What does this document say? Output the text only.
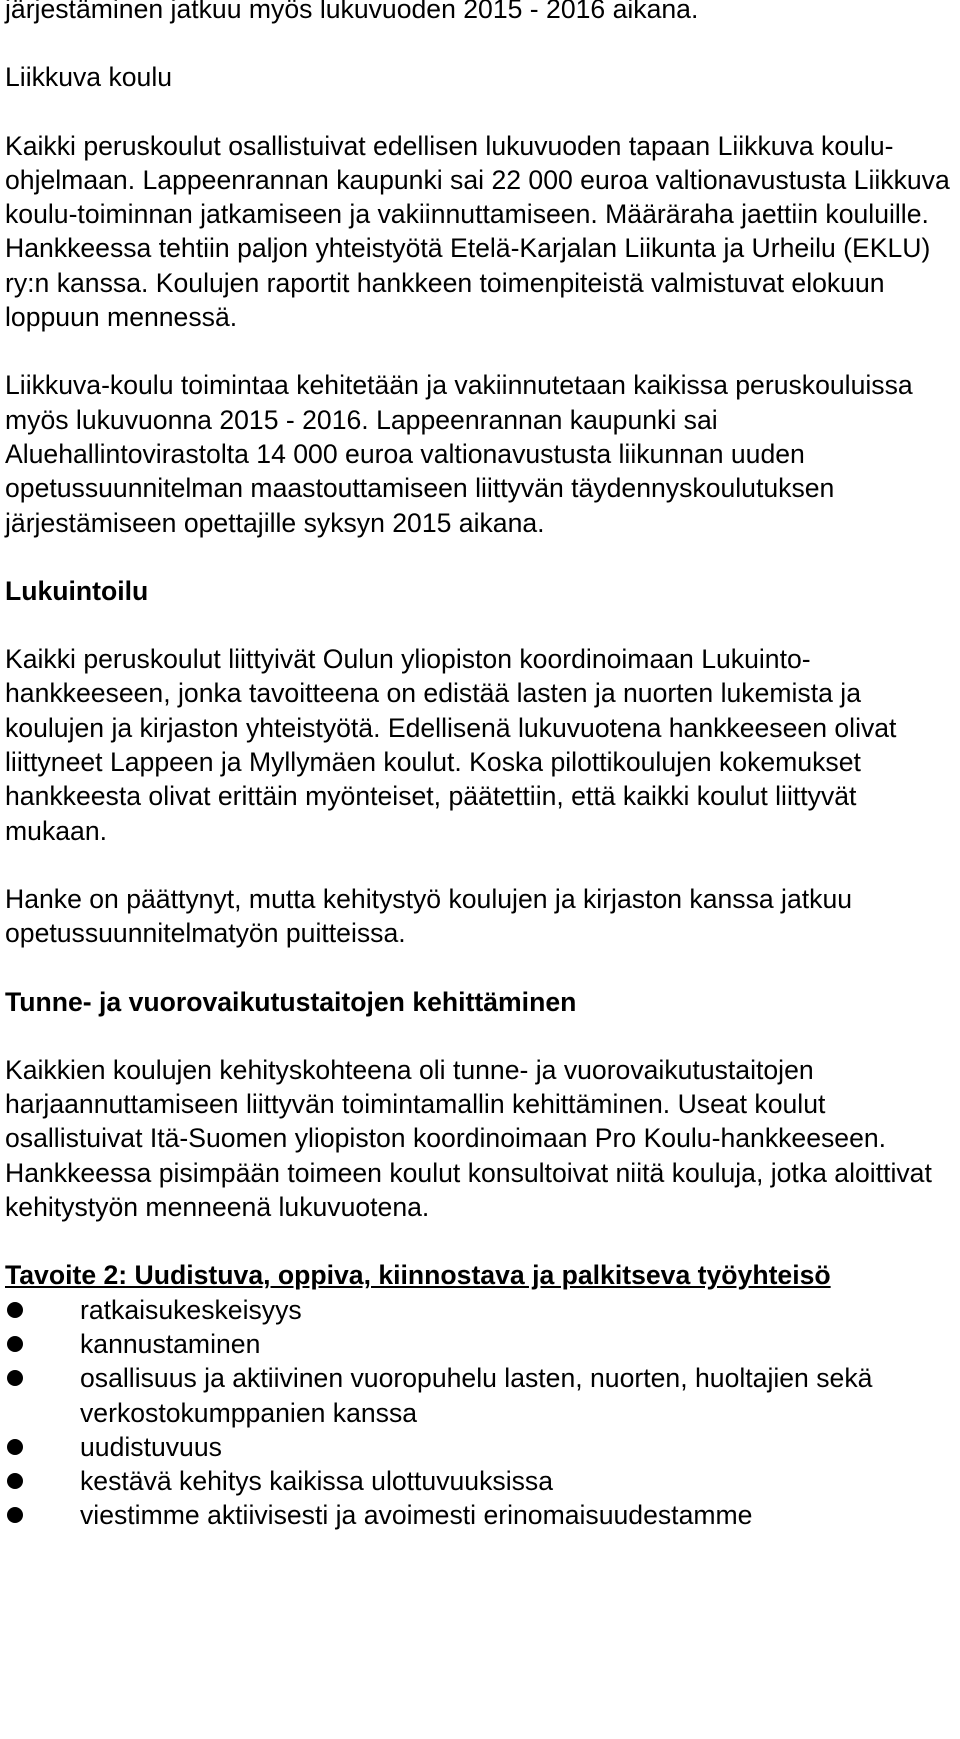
järjestäminen jatkuu myös lukuvuoden 2015 - 2016 aikana.

Liikkuva koulu

Kaikki peruskoulut osallistuivat edellisen lukuvuoden tapaan Liikkuva koulu-ohjelmaan. Lappeenrannan kaupunki sai 22 000 euroa valtionavustusta Liikkuva koulu-toiminnan jatkamiseen ja vakiinnuttamiseen. Määräraha jaettiin kouluille. Hankkeessa tehtiin paljon yhteistyötä Etelä-Karjalan Liikunta ja Urheilu (EKLU) ry:n kanssa. Koulujen raportit hankkeen toimenpiteistä valmistuvat elokuun loppuun mennessä.

Liikkuva-koulu toimintaa kehitetään ja vakiinnutetaan kaikissa peruskouluissa myös lukuvuonna 2015 - 2016. Lappeenrannan kaupunki sai Aluehallintovirastolta 14 000 euroa valtionavustusta liikunnan uuden opetussuunnitelman maastouttamiseen liittyvän täydennyskoulutuksen järjestämiseen opettajille syksyn 2015 aikana.

Lukuintoilu

Kaikki peruskoulut liittyivät Oulun yliopiston koordinoimaan Lukuinto-hankkeeseen, jonka tavoitteena on edistää lasten ja nuorten lukemista ja koulujen ja kirjaston yhteistyötä. Edellisenä lukuvuotena hankkeeseen olivat liittyneet Lappeen ja Myllymäen koulut. Koska pilottikoulujen kokemukset hankkeesta olivat erittäin myönteiset, päätettiin, että kaikki koulut liittyvät mukaan.

Hanke on päättynyt, mutta kehitystyö koulujen ja kirjaston kanssa jatkuu opetussuunnitelmatyön puitteissa.

Tunne- ja vuorovaikutustaitojen kehittäminen

Kaikkien koulujen kehityskohteena oli tunne- ja vuorovaikutustaitojen harjaannuttamiseen liittyvän toimintamallin kehittäminen. Useat koulut osallistuivat Itä-Suomen yliopiston koordinoimaan Pro Koulu-hankkeeseen. Hankkeessa pisimpään toimeen koulut konsultoivat niitä kouluja, jotka aloittivat kehitystyön menneenä lukuvuotena.

Tavoite 2: Uudistuva, oppiva, kiinnostava ja palkitseva työyhteisö

ratkaisukeskeisyys
kannustaminen
osallisuus ja aktiivinen vuoropuhelu lasten, nuorten, huoltajien sekä verkostokumppanien kanssa
uudistuvuus
kestävä kehitys kaikissa ulottuvuuksissa
viestimme aktiivisesti ja avoimesti erinomaisuudestamme
